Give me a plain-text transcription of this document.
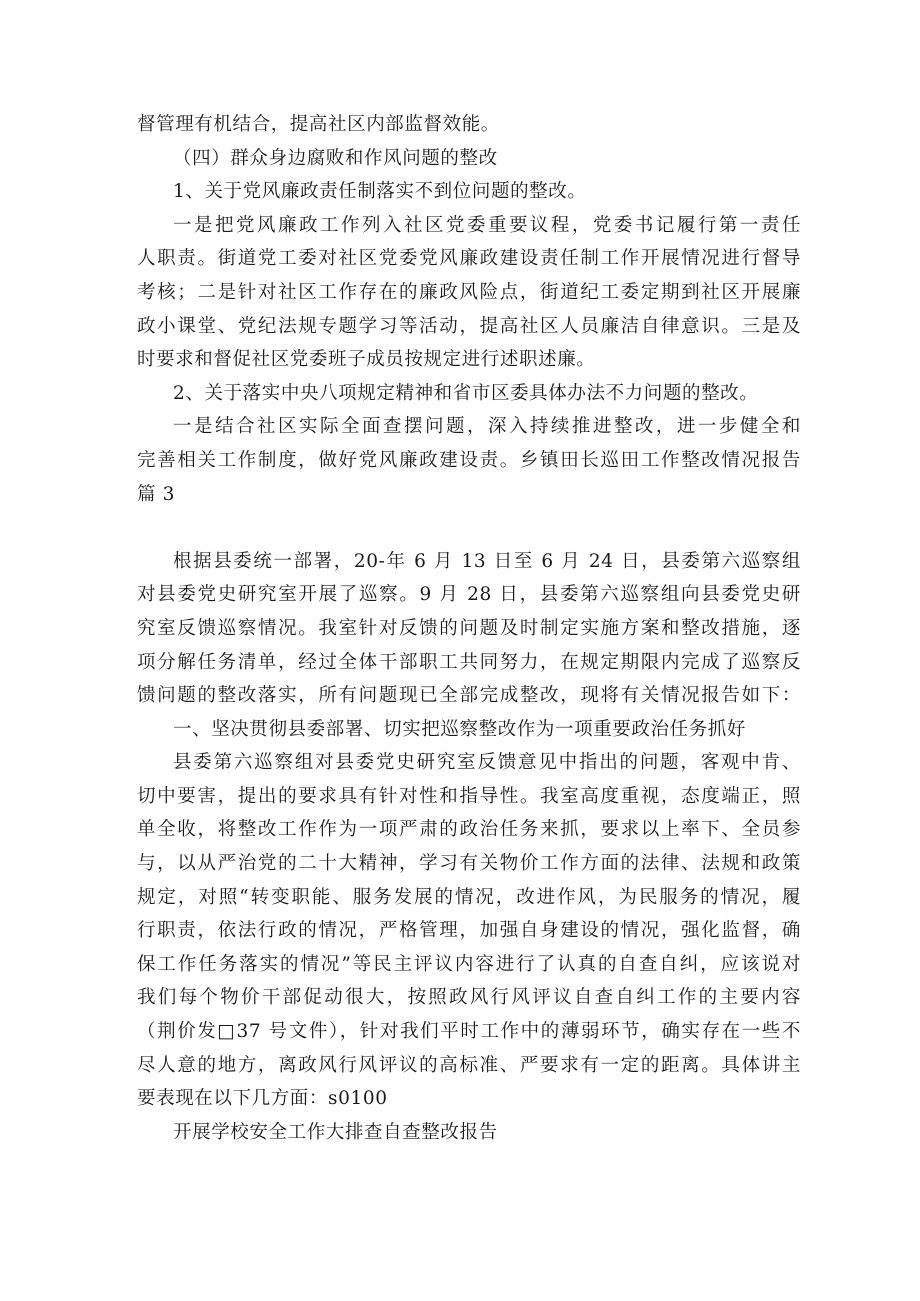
督管理有机结合，提高社区内部监督效能。
（四）群众身边腐败和作风问题的整改
1、关于党风廉政责任制落实不到位问题的整改。
一是把党风廉政工作列入社区党委重要议程，党委书记履行第一责任
人职责。街道党工委对社区党委党风廉政建设责任制工作开展情况进行督导
考核；二是针对社区工作存在的廉政风险点，街道纪工委定期到社区开展廉
政小课堂、党纪法规专题学习等活动，提高社区人员廉洁自律意识。三是及
时要求和督促社区党委班子成员按规定进行述职述廉。
2、关于落实中央八项规定精神和省市区委具体办法不力问题的整改。
一是结合社区实际全面查摆问题，深入持续推进整改，进一步健全和
完善相关工作制度，做好党风廉政建设责。乡镇田长巡田工作整改情况报告
篇 3
根据县委统一部署，20-年 6 月 13 日至 6 月 24 日，县委第六巡察组
对县委党史研究室开展了巡察。9 月 28 日，县委第六巡察组向县委党史研
究室反馈巡察情况。我室针对反馈的问题及时制定实施方案和整改措施，逐
项分解任务清单，经过全体干部职工共同努力，在规定期限内完成了巡察反
馈问题的整改落实，所有问题现已全部完成整改，现将有关情况报告如下：
一、坚决贯彻县委部署、切实把巡察整改作为一项重要政治任务抓好
县委第六巡察组对县委党史研究室反馈意见中指出的问题，客观中肯、
切中要害，提出的要求具有针对性和指导性。我室高度重视，态度端正，照
单全收，将整改工作作为一项严肃的政治任务来抓，要求以上率下、全员参
与，以从严治党的二十大精神，学习有关物价工作方面的法律、法规和政策
规定，对照“转变职能、服务发展的情况，改进作风，为民服务的情况，履
行职责，依法行政的情况，严格管理，加强自身建设的情况，强化监督，确
保工作任务落实的情况”等民主评议内容进行了认真的自查自纠，应该说对
我们每个物价干部促动很大，按照政风行风评议自查自纠工作的主要内容
（荆价发□37 号文件），针对我们平时工作中的薄弱环节，确实存在一些不
尽人意的地方，离政风行风评议的高标准、严要求有一定的距离。具体讲主
要表现在以下几方面：s0100
开展学校安全工作大排查自查整改报告
